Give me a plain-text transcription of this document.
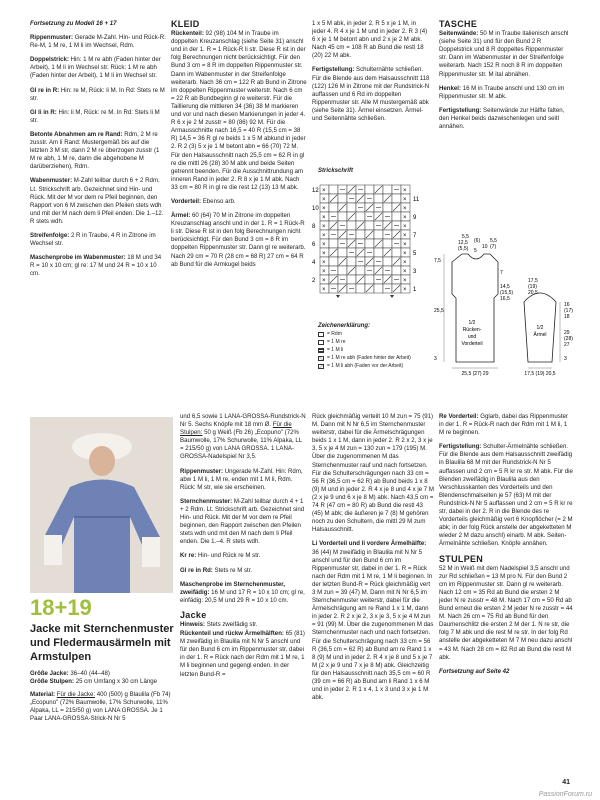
Fortsetzung zu Modell 16 + 17

Rippenmuster: Gerade M-Zahl. Hin- und Rück-R: Re-M, 1 M re, 1 M li im Wechsel, Rdm.

Doppelstrick: Hin: 1 M re abh (Faden hinter der Arbeit), 1 M li im Wechsel str. Rück: 1 M re abh (Faden hinter der Arbeit), 1 M li im Wechsel str.

Gl re in R: Hin: re M, Rück: li M. In Rd: Stets re M str.

Gl li in R: Hin: li M, Rück: re M. In Rd: Stets li M str.

Betonte Abnahmen am re Rand: Rdm, 2 M re zusstr. Am li Rand: Mustergemäß bis auf die letzten 3 M str, dann 2 M re überzogen zusstr (1 M re abh, 1 M re, dann die abgehobene M darüberziehen), Rdm.

Wabenmuster: M-Zahl teilbar durch 6 + 2 Rdm. Lt. Strickschrift arb. Gezeichnet sind Hin- und Rück. Mit der M vor dem re Pfeil beginnen, den Rapport von 6 M zwischen den Pfeilen stets wdh und mit der M nach dem li Pfeil enden. Die 1.–12. R stets wdh.

Streifenfolge: 2 R in Traube, 4 R in Zitrone im Wechsel str.

Maschenprobe im Wabenmuster: 18 M und 34 R = 10 x 10 cm; gl re: 17 M und 24 R = 10 x 10 cm.

KLEID

Rückenteil: 92 (98) 104 M in Traube im doppelten Kreuzanschlag (siehe Seite 31) anschl und in der 1. R = 1 Rück-R li str. Diese R ist in der folg Berechnungen nicht berücksichtigt. Für den Bund 3 cm = 8 R im doppelten Rippenmuster str. Dann im Wabenmuster in der Streifenfolge weiterarb. Nach 36 cm = 122 R ab Bund in Zitrone im doppelten Rippenmuster weiterstr. Nach 6 cm = 22 R ab Bundbeginn gl re weiterstr. Für die Taillierung die mittleren 34 (36) 38 M markieren und vor und nach diesen Markierungen in jeder 4. R 6 x je 2 M zusstr = 80 (86) 92 M. Für die Armausschnitte nach 16,5 = 40 R (15,5 cm = 38 R) 14,5 = 36 R gl re beids 1 x 5 M abkund in jeder 2. R 2 (3) 5 x je 1 M betont abn = 66 (70) 72 M. Für den Halsausschnitt nach 25,5 cm = 62 R in gl re die mittl 26 (28) 30 M abk und beide Seiten getrennt beenden. Für die Ausschnittrundung am inneren Rand in jeder 2. R 8 x je 1 M abk. Nach 33 cm = 80 R in gl re die rest 12 (13) 13 M abk.

Vorderteil: Ebenso arb.

Ärmel: 60 (64) 70 M in Zitrone im doppelten Kreuzanschlag anschl und in der 1. R = 1 Rück-R li str. Diese R ist in den folg Berechnungen nicht berücksichtigt. Für den Bund 3 cm = 8 R im doppelten Rippenmuster str. Dann gl re weiterarb. Nach 29 cm = 70 R (28 cm = 68 R) 27 cm = 64 R ab Bund für die Armkugel beids

1 x 5 M abk, in jeder 2. R 5 x je 1 M, in jeder 4. R 4 x je 1 M und in jeder 2. R 3 (4) 6 x je 1 M betont abn und 2 x je 2 M abk. Nach 45 cm = 108 R ab Bund die restl 18 (20) 22 M abk.

Fertigstellung: Schulternähte schließen. Für die Blende aus dem Halsausschnitt 118 (122) 126 M in Zitrone mit der Rundstrick-N auffassen und 6 Rd im doppelten Rippenmuster str. Alle M mustergemäß abk (siehe Seite 31). Ärmel einsetzen. Ärmel- und Seitennähte schließen.

Strickschrift
×	×
12
×	× 11
×	×
10
×	× 9
×	×
8
×	× 7
×	×
6
×	× 5
×	×
4
×	× 3
×	×
2
×	× 1
Zeichenerklärung:
= Rdm
= 1 M re
= 1 M li
= 1 M re abh (Faden hinter der Arbeit)
= 1 M li abh (Faden vor der Arbeit)
TASCHE

Seitenwände: 50 M in Traube italienisch anschl (siehe Seite 31) und für den Bund 2 R Doppelstrick und 8 R doppeltes Rippenmuster str. Dann im Wabenmuster in der Streifenfolge weiterarb. Nach 152 R noch 8 R im doppelten Rippenmuster str. M ital abnähen.

Henkel: 16 M in Traube anschl und 130 cm im Rippenmuster str. M abk.

Fertigstellung: Seitenwände zur Hälfte falten, den Henkel beids dazwischenlegen und seitl annähen.

5,5
12,5
(5,5)
(6)
10 (7)
5
5,5
7,5
25,5
3
7
14,5
(15,5)
16,5
1/2
Rücken-
und
Vorderteil
25,5 (27) 29
1/2
Ärmel
17,5 (19) 20,5
17,5
(19)
20,5
16
(17)
18
29
(28)
27
3
18+19
Jacke mit Sternchenmuster und Fledermausärmeln mit Armstulpen

Größe Jacke: 36–40 (44–48)

Größe Stulpen: 25 cm Umfang x 30 cm Länge

Material: Für die Jacke: 400 (500) g Blaulila (Fb 74) „Ecopuno" (72% Baumwolle, 17% Schurwolle, 11% Alpaka, LL = 215/50 g) von LANA GROSSA. Je 1 Paar LANA-GROSSA-Strick-N Nr 5

und 6,5 sowie 1 LANA-GROSSA-Rundstrick-N Nr 5. Sechs Knöpfe mit 18 mm Ø. Für die Stulpen: 50 g Weiß (Fb 26) „Ecopuno" (72% Baumwolle, 17% Schurwolle, 11% Alpaka, LL = 215/50 g) von LANA GROSSA. 1 LANA-GROSSA-Nadelspiel Nr 3,5.

Rippenmuster: Ungerade M-Zahl. Hin: Rdm, abw 1 M li, 1 M re, enden mit 1 M li, Rdm. Rück: M str, wie sie erscheinen.

Sternchenmuster: M-Zahl teilbar durch 4 + 1 + 2 Rdm. Lt. Strickschrift arb. Gezeichnet sind Hin- und Rück. Mit der M vor dem re Pfeil beginnen, den Rapport zwischen den Pfeilen stets wdh und mit den M nach dem li Pfeil enden. Die 1.–4. R stets wdh.

Kr re: Hin- und Rück re M str.

Gl re in Rd: Stets re M str.

Maschenprobe im Sternchenmuster, zweifädig: 16 M und 17 R = 10 x 10 cm; gl re, einfädig: 20,5 M und 29 R = 10 x 10 cm.

Jacke

Hinweis: Stets zweifädig str.

Rückenteil und rückw Ärmelhälften: 65 (81) M zweifädig in Blaulila mit N Nr 5 anschl und für den Bund 6 cm im Rippenmuster str, dabei in der 1. R = Rück nach der Rdm mit 1 M re, 1 M li beginnen und gegengl enden. In der letzten Bund-R =

Rück gleichmäßig verteilt 10 M zun = 75 (91) M. Dann mit N Nr 6,5 im Sternchenmuster weiterstr, dabei für die Ärmelschrägungen beids 1 x 1 M, dann in jeder 2. R 2 x 2, 3 x je 3, 5 x je 4 M zun = 130 zun = 179 (195) M. Über die zugenommenen M das Sternchenmuster rauf und nach fortsetzen. Für die Schulterschrägungen nach 33 cm = 56 R (36,5 cm = 62 R) ab Bund beids 1 x 8 (9) M und in jeder 2. R 4 x je 8 und 4 x je 7 M (2 x je 9 und 6 x je 8 M) abk. Nach 43,5 cm = 74 R (47 cm = 80 R) ab Bund die restl 43 (45) M abk; die äußeren je 7 (8) M gehören noch zu den Schultern, die mittl 29 M zum Halsausschnitt.

Li Vorderteil und li vordere Ärmelhälfte: 36 (44) M zweifädig in Blaulila mit N Nr 5 anschl und für den Bund 6 cm im Rippenmuster str, dabei in der 1. R = Rück nach der Rdm mit 1 M re, 1 M li beginnen. In der letzten Bund-R = Rück gleichmäßig vert 3 M zun = 39 (47) M. Dann mit N Nr 6,5 im Sternchenmuster weiterstr, dabei für die Ärmelschrägung am re Rand 1 x 1 M, dann in jeder 2. R 2 x je 2, 3 x je 3, 5 x je 4 M zun = 91 (99) M. Über die zugenommenen M das Sternchenmuster nach und nach fortsetzen. Für die Schulterschrägung nach 33 cm = 56 R (36,5 cm = 62 R) ab Bund am re Rand 1 x 8 (9) M und in jeder 2. R 4 x je 8 und 5 x je 7 M (2 x je 9 und 7 x je 8 M) abk. Gleichzeitig für den Halsausschnitt nach 35,5 cm = 60 R (39 cm = 66 R) ab Bund am li Rand 1 x 6 M und in jeder 2. R 1 x 4, 1 x 3 und 3 x je 1 M abk.

Re Vorderteil: Gglarb, dabei das Rippenmuster in der 1. R = Rück-R nach der Rdm mit 1 M li, 1 M re beginnen.

Fertigstellung: Schulter-Ärmelnähte schließen. Für die Blende aus dem Halsausschnitt zweifädig in Blaulila 68 M mit der Rundstrick-N Nr 5 auffassen und 2 cm = 5 R kr re str. M abk. Für die Blenden zweifädig in Blaulila aus den Verschlusskanten des Vorderteils und den Blendenschmalseiten je 57 (63) M mit der Rundstrick-N Nr 5 auffassen und 2 cm = 5 R kr re str, dabei in der 2. R in die Blende des re Vorderteils gleichmäßig vert 6 Knopflöcher (= 2 M abk; in der folg Rück anstelle der abgeketteten M wieder 2 M dazu anschl) einarb. M abk. Seiten-Ärmelnähte schließen. Knöpfe annähen.

STULPEN

52 M in Weiß mit dem Nadelspiel 3,5 anschl und zur Rd schließen = 13 M pro N. Für den Bund 2 cm im Rippenmuster str. Dann gl re weiterarb. Nach 12 cm = 35 Rd ab Bund die ersten 2 M jeder N re zusstr = 48 M. Nach 17 cm = 50 Rd ab Bund erneut die ersten 2 M jeder N re zusstr = 44 M. Nach 26 cm = 75 Rd ab Bund für den Daumenschlitz die ersten 2 M der 1. N re str, die folg 7 M abk und die rest M re str. In der folg Rd anstelle der abgeketteten M 7 M neu dazu anschl = 43 M. Nach 28 cm = 82 Rd ab Bund die restl M abk.

Fortsetzung auf Seite 42
41
PassionForum.ru
